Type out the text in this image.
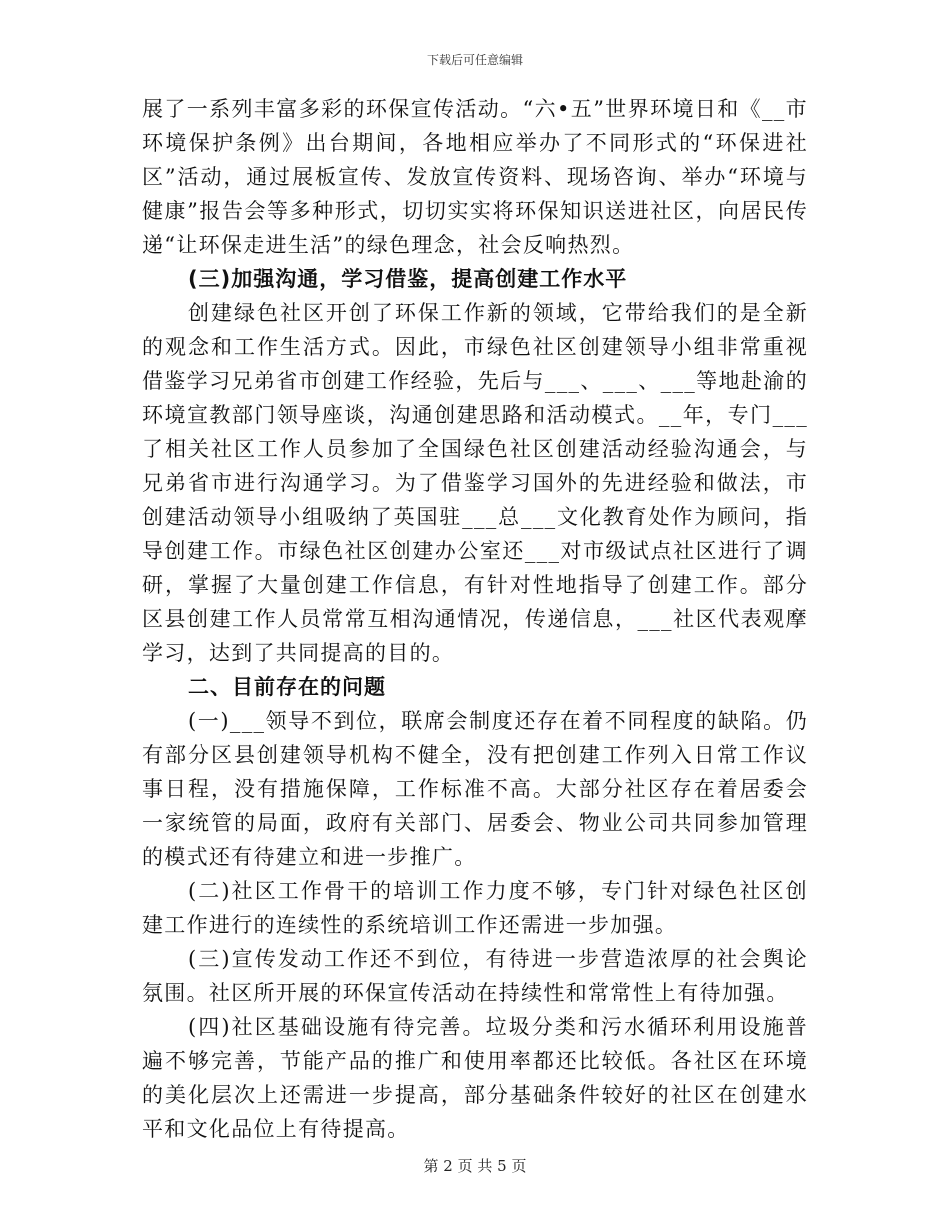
下载后可任意编辑

展了一系列丰富多彩的环保宣传活动。“六•五”世界环境日和《__市环境保护条例》出台期间，各地相应举办了不同形式的“环保进社区”活动，通过展板宣传、发放宣传资料、现场咨询、举办“环境与健康”报告会等多种形式，切切实实将环保知识送进社区，向居民传递“让环保走进生活”的绿色理念，社会反响热烈。

(三)加强沟通，学习借鉴，提高创建工作水平

创建绿色社区开创了环保工作新的领域，它带给我们的是全新的观念和工作生活方式。因此，市绿色社区创建领导小组非常重视借鉴学习兄弟省市创建工作经验，先后与___、___、___等地赴渝的环境宣教部门领导座谈，沟通创建思路和活动模式。__年，专门___了相关社区工作人员参加了全国绿色社区创建活动经验沟通会，与兄弟省市进行沟通学习。为了借鉴学习国外的先进经验和做法，市创建活动领导小组吸纳了英国驻___总___文化教育处作为顾问，指导创建工作。市绿色社区创建办公室还___对市级试点社区进行了调研，掌握了大量创建工作信息，有针对性地指导了创建工作。部分区县创建工作人员常常互相沟通情况，传递信息，___社区代表观摩学习，达到了共同提高的目的。

二、目前存在的问题

(一)___领导不到位，联席会制度还存在着不同程度的缺陷。仍有部分区县创建领导机构不健全，没有把创建工作列入日常工作议事日程，没有措施保障，工作标准不高。大部分社区存在着居委会一家统管的局面，政府有关部门、居委会、物业公司共同参加管理的模式还有待建立和进一步推广。

(二)社区工作骨干的培训工作力度不够，专门针对绿色社区创建工作进行的连续性的系统培训工作还需进一步加强。

(三)宣传发动工作还不到位，有待进一步营造浓厚的社会舆论氛围。社区所开展的环保宣传活动在持续性和常常性上有待加强。

(四)社区基础设施有待完善。垃圾分类和污水循环利用设施普遍不够完善，节能产品的推广和使用率都还比较低。各社区在环境的美化层次上还需进一步提高，部分基础条件较好的社区在创建水平和文化品位上有待提高。

第 2 页 共 5 页
